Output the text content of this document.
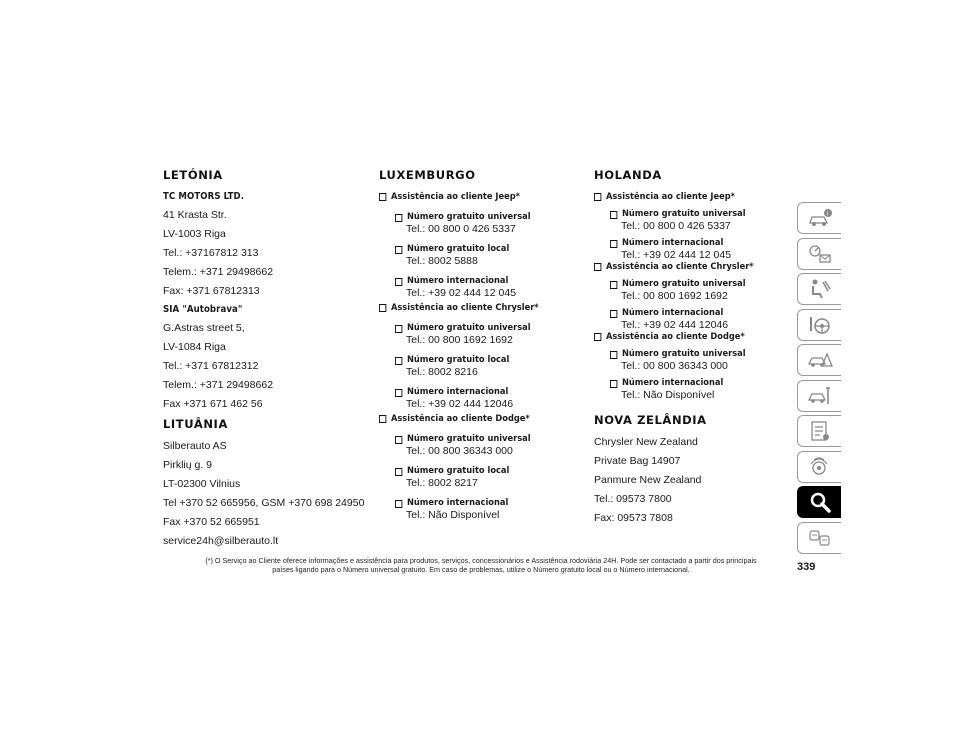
LETÓNIA
TC MOTORS LTD.
41 Krasta Str.
LV-1003 Riga
Tel.: +37167812 313
Telem.: +371 29498662
Fax: +371 67812313
SIA "Autobrava"
G.Astras street 5,
LV-1084 Riga
Tel.: +371 67812312
Telem.: +371 29498662
Fax +371 671 462 56
LITUÂNIA
Silberauto AS
Pirklių g. 9
LT-02300 Vilnius
Tel +370 52 665956, GSM +370 698 24950
Fax +370 52 665951
service24h@silberauto.lt
LUXEMBURGO
Assistência ao cliente Jeep*
Número gratuito universal
Tel.: 00 800 0 426 5337
Número gratuito local
Tel.: 8002 5888
Número internacional
Tel.: +39 02 444 12 045
Assistência ao cliente Chrysler*
Número gratuito universal
Tel.: 00 800 1692 1692
Número gratuito local
Tel.: 8002 8216
Número internacional
Tel.: +39 02 444 12046
Assistência ao cliente Dodge*
Número gratuito universal
Tel.: 00 800 36343 000
Número gratuito local
Tel.: 8002 8217
Número internacional
Tel.: Não Disponível
HOLANDA
Assistência ao cliente Jeep*
Número gratuito universal
Tel.: 00 800 0 426 5337
Número internacional
Tel.: +39 02 444 12 045
Assistência ao cliente Chrysler*
Número gratuito universal
Tel.: 00 800 1692 1692
Número internacional
Tel.: +39 02 444 12046
Assistência ao cliente Dodge*
Número gratuito universal
Tel.: 00 800 36343 000
Número internacional
Tel.: Não Disponível
NOVA ZELÂNDIA
Chrysler New Zealand
Private Bag 14907
Panmure New Zealand
Tel.: 09573 7800
Fax: 09573 7808
i
(*) O Serviço ao Cliente oferece informações e assistência para produtos, serviços, concessionários e Assistência rodoviária 24H. Pode ser contactado a partir dos principais
países ligando para o Número universal gratuito. Em caso de problemas, utilize o Número gratuito local ou o Número internacional.	339
